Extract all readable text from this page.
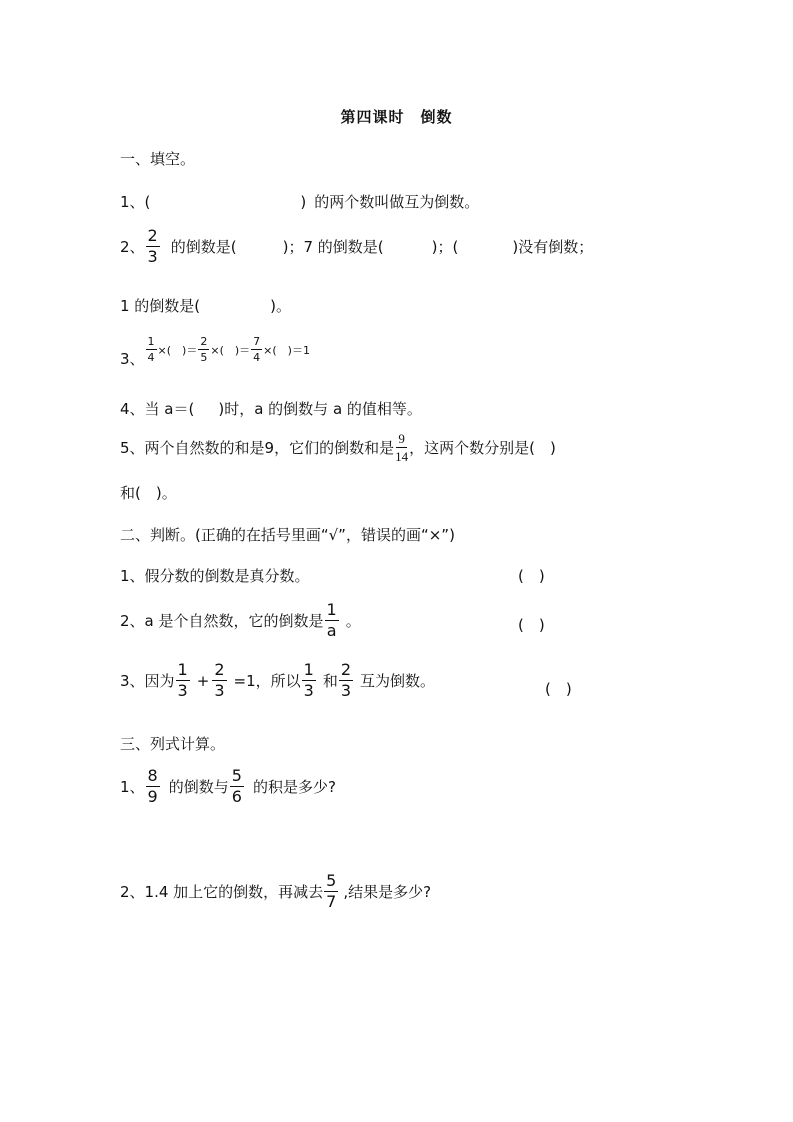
第四课时　倒数
一、填空。
1、 (	) 的两个数叫做互为倒数。
2、 $\frac{2}{3}$ 的倒数是(	)；7 的倒数是(	)；(	)没有倒数；
1 的倒数是(	)。
3、 $\frac{1}{4}$ ×(　)＝ $\frac{2}{5}$ ×(　)＝ $\frac{7}{4}$ ×(　)＝1
4、当 a＝( )时，a 的倒数与 a 的值相等。
5、两个自然数的和是9，它们的倒数和是 $\frac{9}{14}$ ，这两个数分别是(　)
和(　)。
二、判断。(正确的在括号里画“√”，错误的画“×”)
1、假分数的倒数是真分数。	(　)
2、a 是个自然数，它的倒数是 $\frac{1}{a}$ 。	(　)
3、因为 $\frac{1}{3} + \frac{2}{3} =1$，所以 $\frac{1}{3}$ 和 $\frac{2}{3}$ 互为倒数。	(　)
三、列式计算。
1、 $\frac{8}{9}$ 的倒数与 $\frac{5}{6}$ 的积是多少?
2、1.4 加上它的倒数，再减去 $\frac{5}{7}$ ,结果是多少?
